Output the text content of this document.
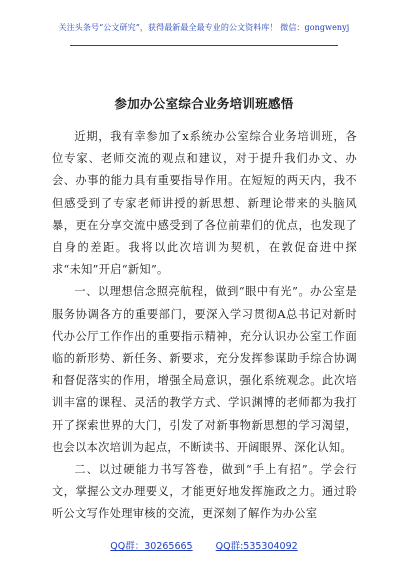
关注头条号“公文研究”，获得最新最全最专业的公文资料库！ 微信：gongwenyj
参加办公室综合业务培训班感悟

近期，我有幸参加了x系统办公室综合业务培训班，各位专家、老师交流的观点和建议，对于提升我们办文、办会、办事的能力具有重要指导作用。在短短的两天内，我不但感受到了专家老师讲授的新思想、新理论带来的头脑风暴，更在分享交流中感受到了各位前辈们的优点，也发现了自身的差距。我将以此次培训为契机，在敦促奋进中探求“未知”开启“新知”。

一、以理想信念照亮航程，做到“眼中有光”。办公室是服务协调各方的重要部门，要深入学习贯彻A总书记对新时代办公厅工作作出的重要指示精神，充分认识办公室工作面临的新形势、新任务、新要求，充分发挥参谋助手综合协调和督促落实的作用，增强全局意识，强化系统观念。此次培训丰富的课程、灵活的教学方式、学识渊博的老师都为我打开了探索世界的大门，引发了对新事物新思想的学习渴望，也会以本次培训为起点，不断读书、开阔眼界、深化认知。

二、以过硬能力书写答卷，做到“手上有招”。学会行文，掌握公文办理要义，才能更好地发挥施政之力。通过聆听公文写作处理审核的交流，更深刻了解作为办公室

QQ群：30265665 QQ群:535304092
